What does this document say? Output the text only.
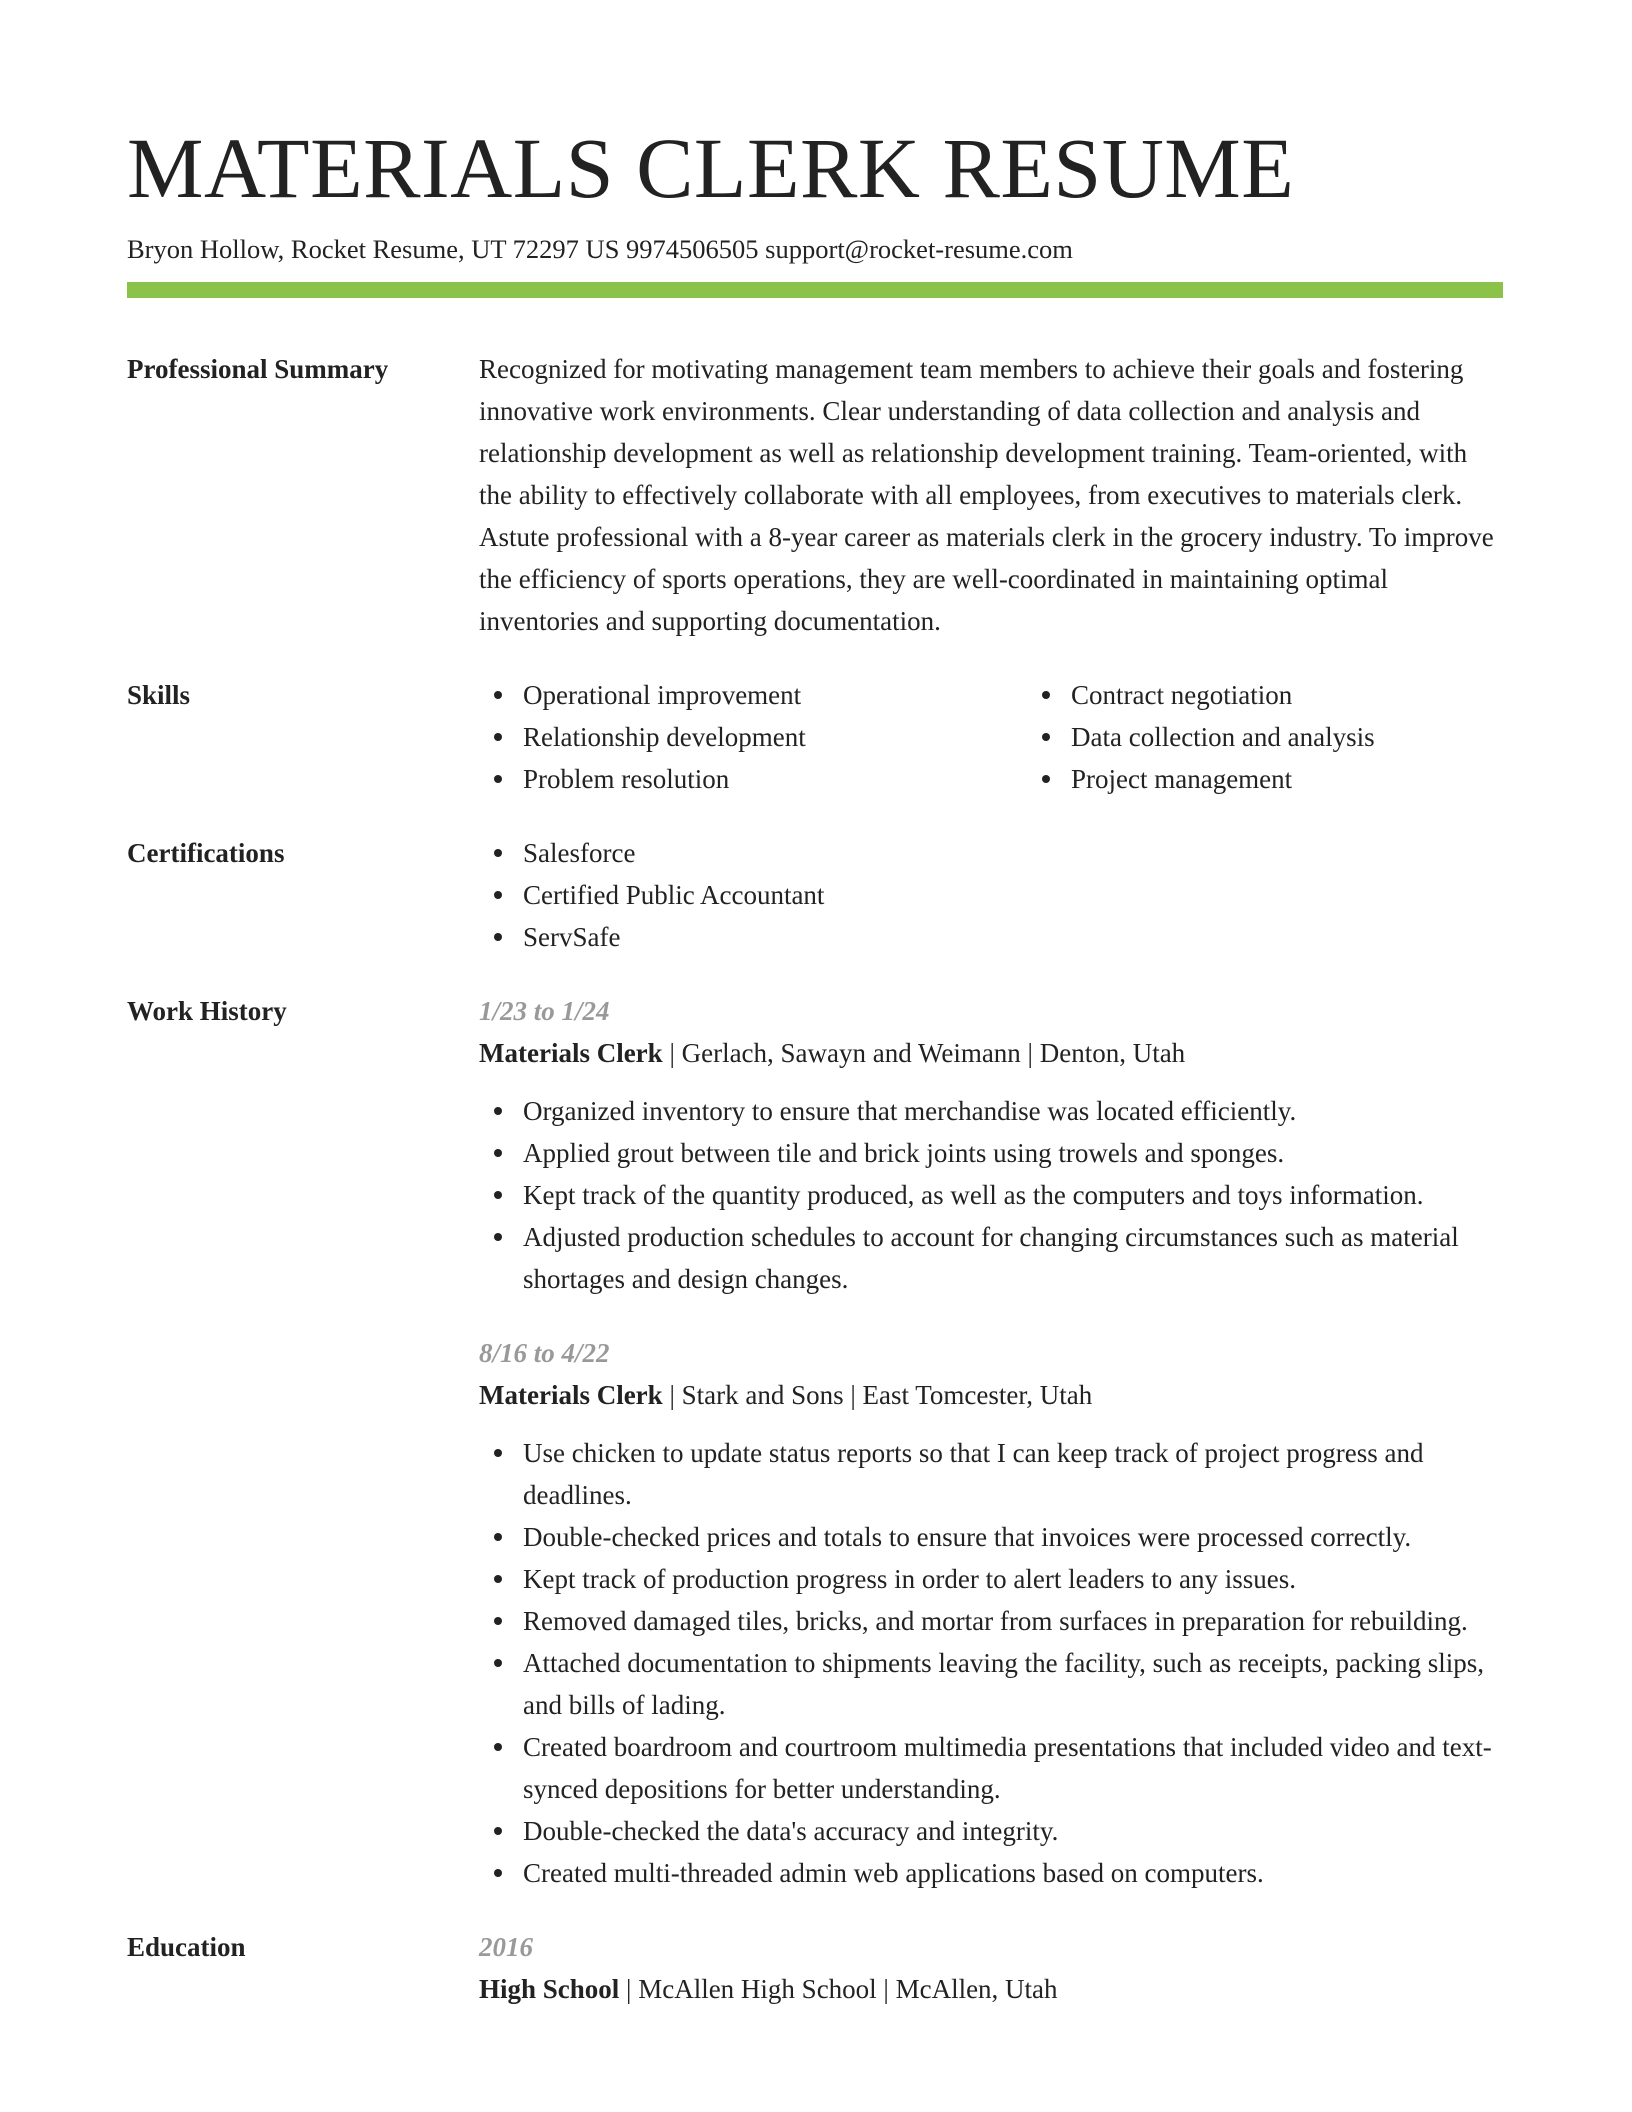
MATERIALS CLERK RESUME
Bryon Hollow, Rocket Resume, UT 72297 US 9974506505 support@rocket-resume.com
Professional Summary	Recognized for motivating management team members to achieve their goals and fostering innovative work environments. Clear understanding of data collection and analysis and relationship development as well as relationship development training. Team-oriented, with the ability to effectively collaborate with all employees, from executives to materials clerk. Astute professional with a 8-year career as materials clerk in the grocery industry. To improve the efficiency of sports operations, they are well-coordinated in maintaining optimal inventories and supporting documentation.
Skills	Operational improvement
Relationship development
Problem resolution
Contract negotiation
Data collection and analysis
Project management
Certifications	Salesforce
Certified Public Accountant
ServSafe
Work History	1/23 to 1/24
Materials Clerk | Gerlach, Sawayn and Weimann | Denton, Utah
Organized inventory to ensure that merchandise was located efficiently.
Applied grout between tile and brick joints using trowels and sponges.
Kept track of the quantity produced, as well as the computers and toys information.
Adjusted production schedules to account for changing circumstances such as material shortages and design changes.
8/16 to 4/22
Materials Clerk | Stark and Sons | East Tomcester, Utah
Use chicken to update status reports so that I can keep track of project progress and deadlines.
Double-checked prices and totals to ensure that invoices were processed correctly.
Kept track of production progress in order to alert leaders to any issues.
Removed damaged tiles, bricks, and mortar from surfaces in preparation for rebuilding.
Attached documentation to shipments leaving the facility, such as receipts, packing slips, and bills of lading.
Created boardroom and courtroom multimedia presentations that included video and text-synced depositions for better understanding.
Double-checked the data's accuracy and integrity.
Created multi-threaded admin web applications based on computers.
Education	2016
High School | McAllen High School | McAllen, Utah
